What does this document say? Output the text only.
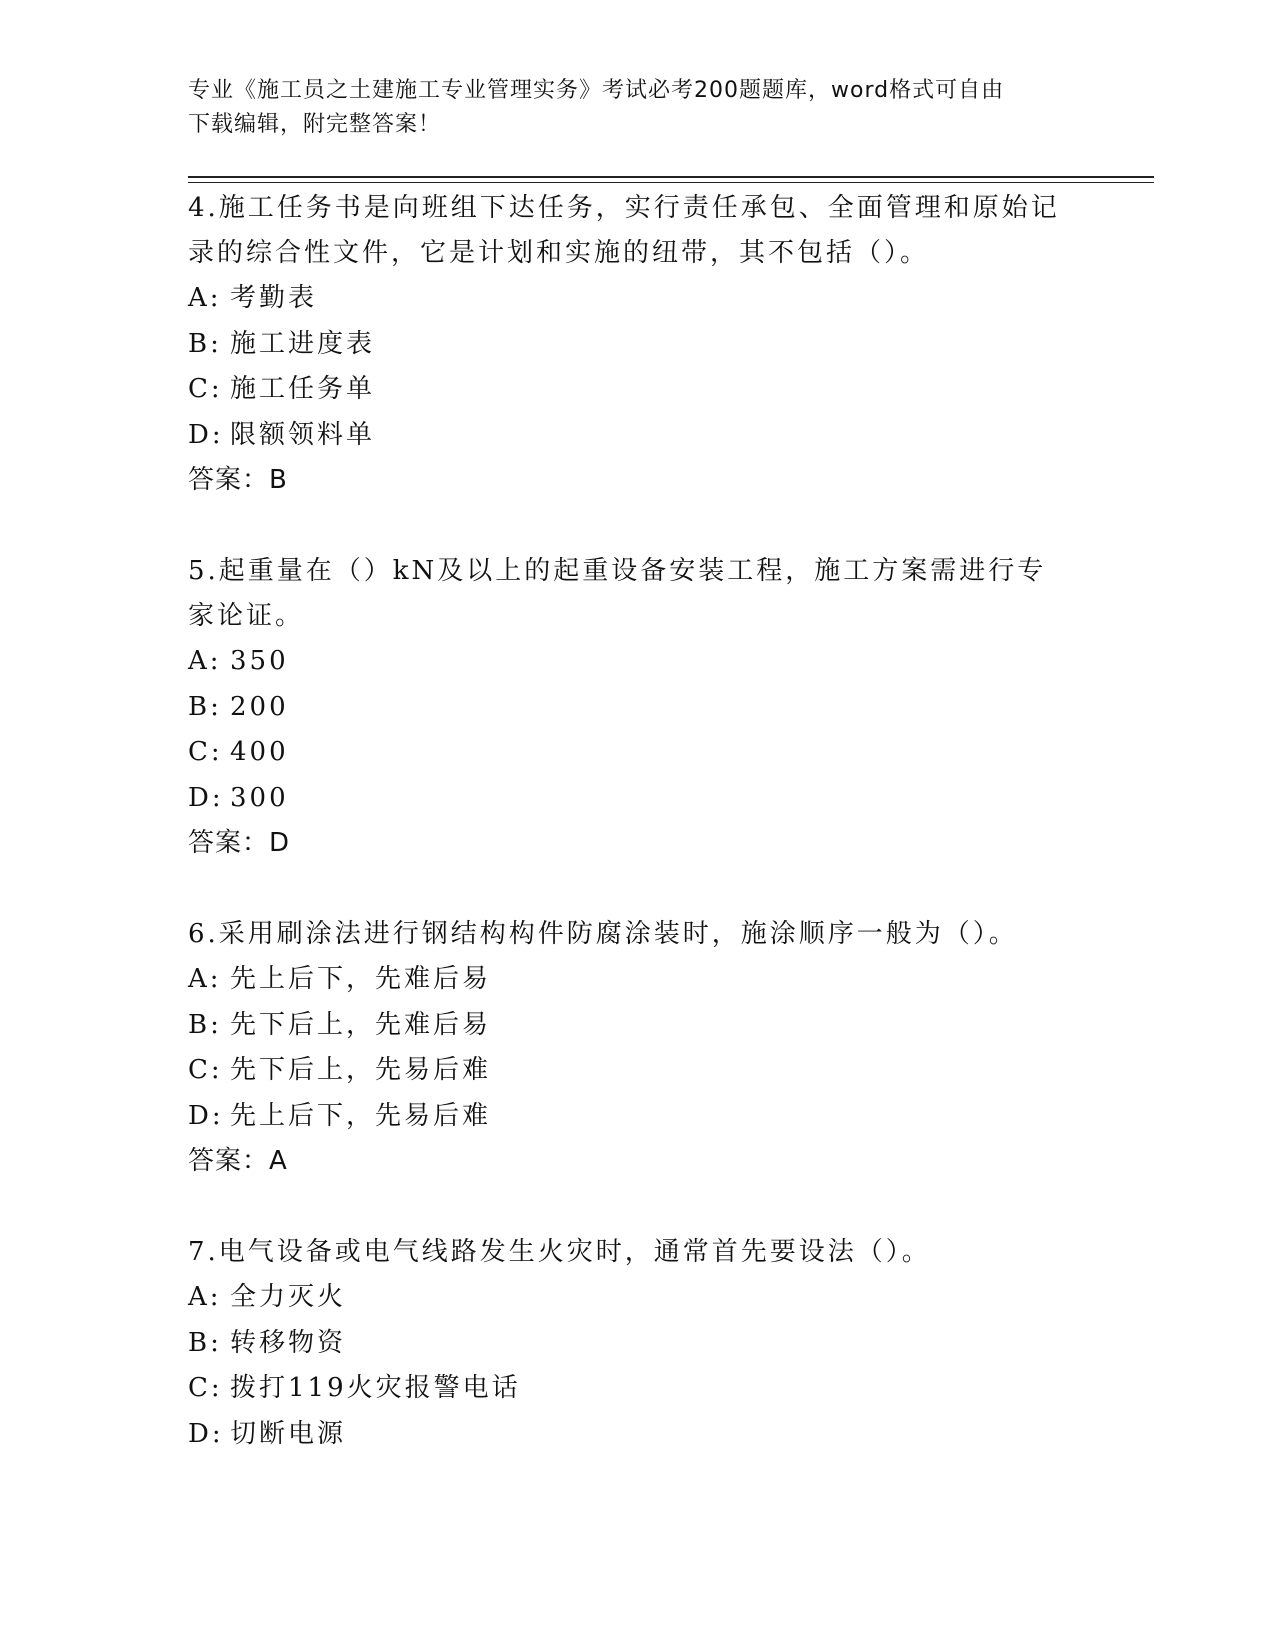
专业《施工员之土建施工专业管理实务》考试必考200题题库，word格式可自由
下载编辑，附完整答案！
4.施工任务书是向班组下达任务，实行责任承包、全面管理和原始记录的综合性文件，它是计划和实施的纽带，其不包括（）。
A: 考勤表
B: 施工进度表
C: 施工任务单
D: 限额领料单
答案：B
5.起重量在（）kN及以上的起重设备安装工程，施工方案需进行专家论证。
A: 350
B: 200
C: 400
D: 300
答案：D
6.采用刷涂法进行钢结构构件防腐涂装时，施涂顺序一般为（）。
A: 先上后下，先难后易
B: 先下后上，先难后易
C: 先下后上，先易后难
D: 先上后下，先易后难
答案：A
7.电气设备或电气线路发生火灾时，通常首先要设法（）。
A: 全力灭火
B: 转移物资
C: 拨打119火灾报警电话
D: 切断电源
